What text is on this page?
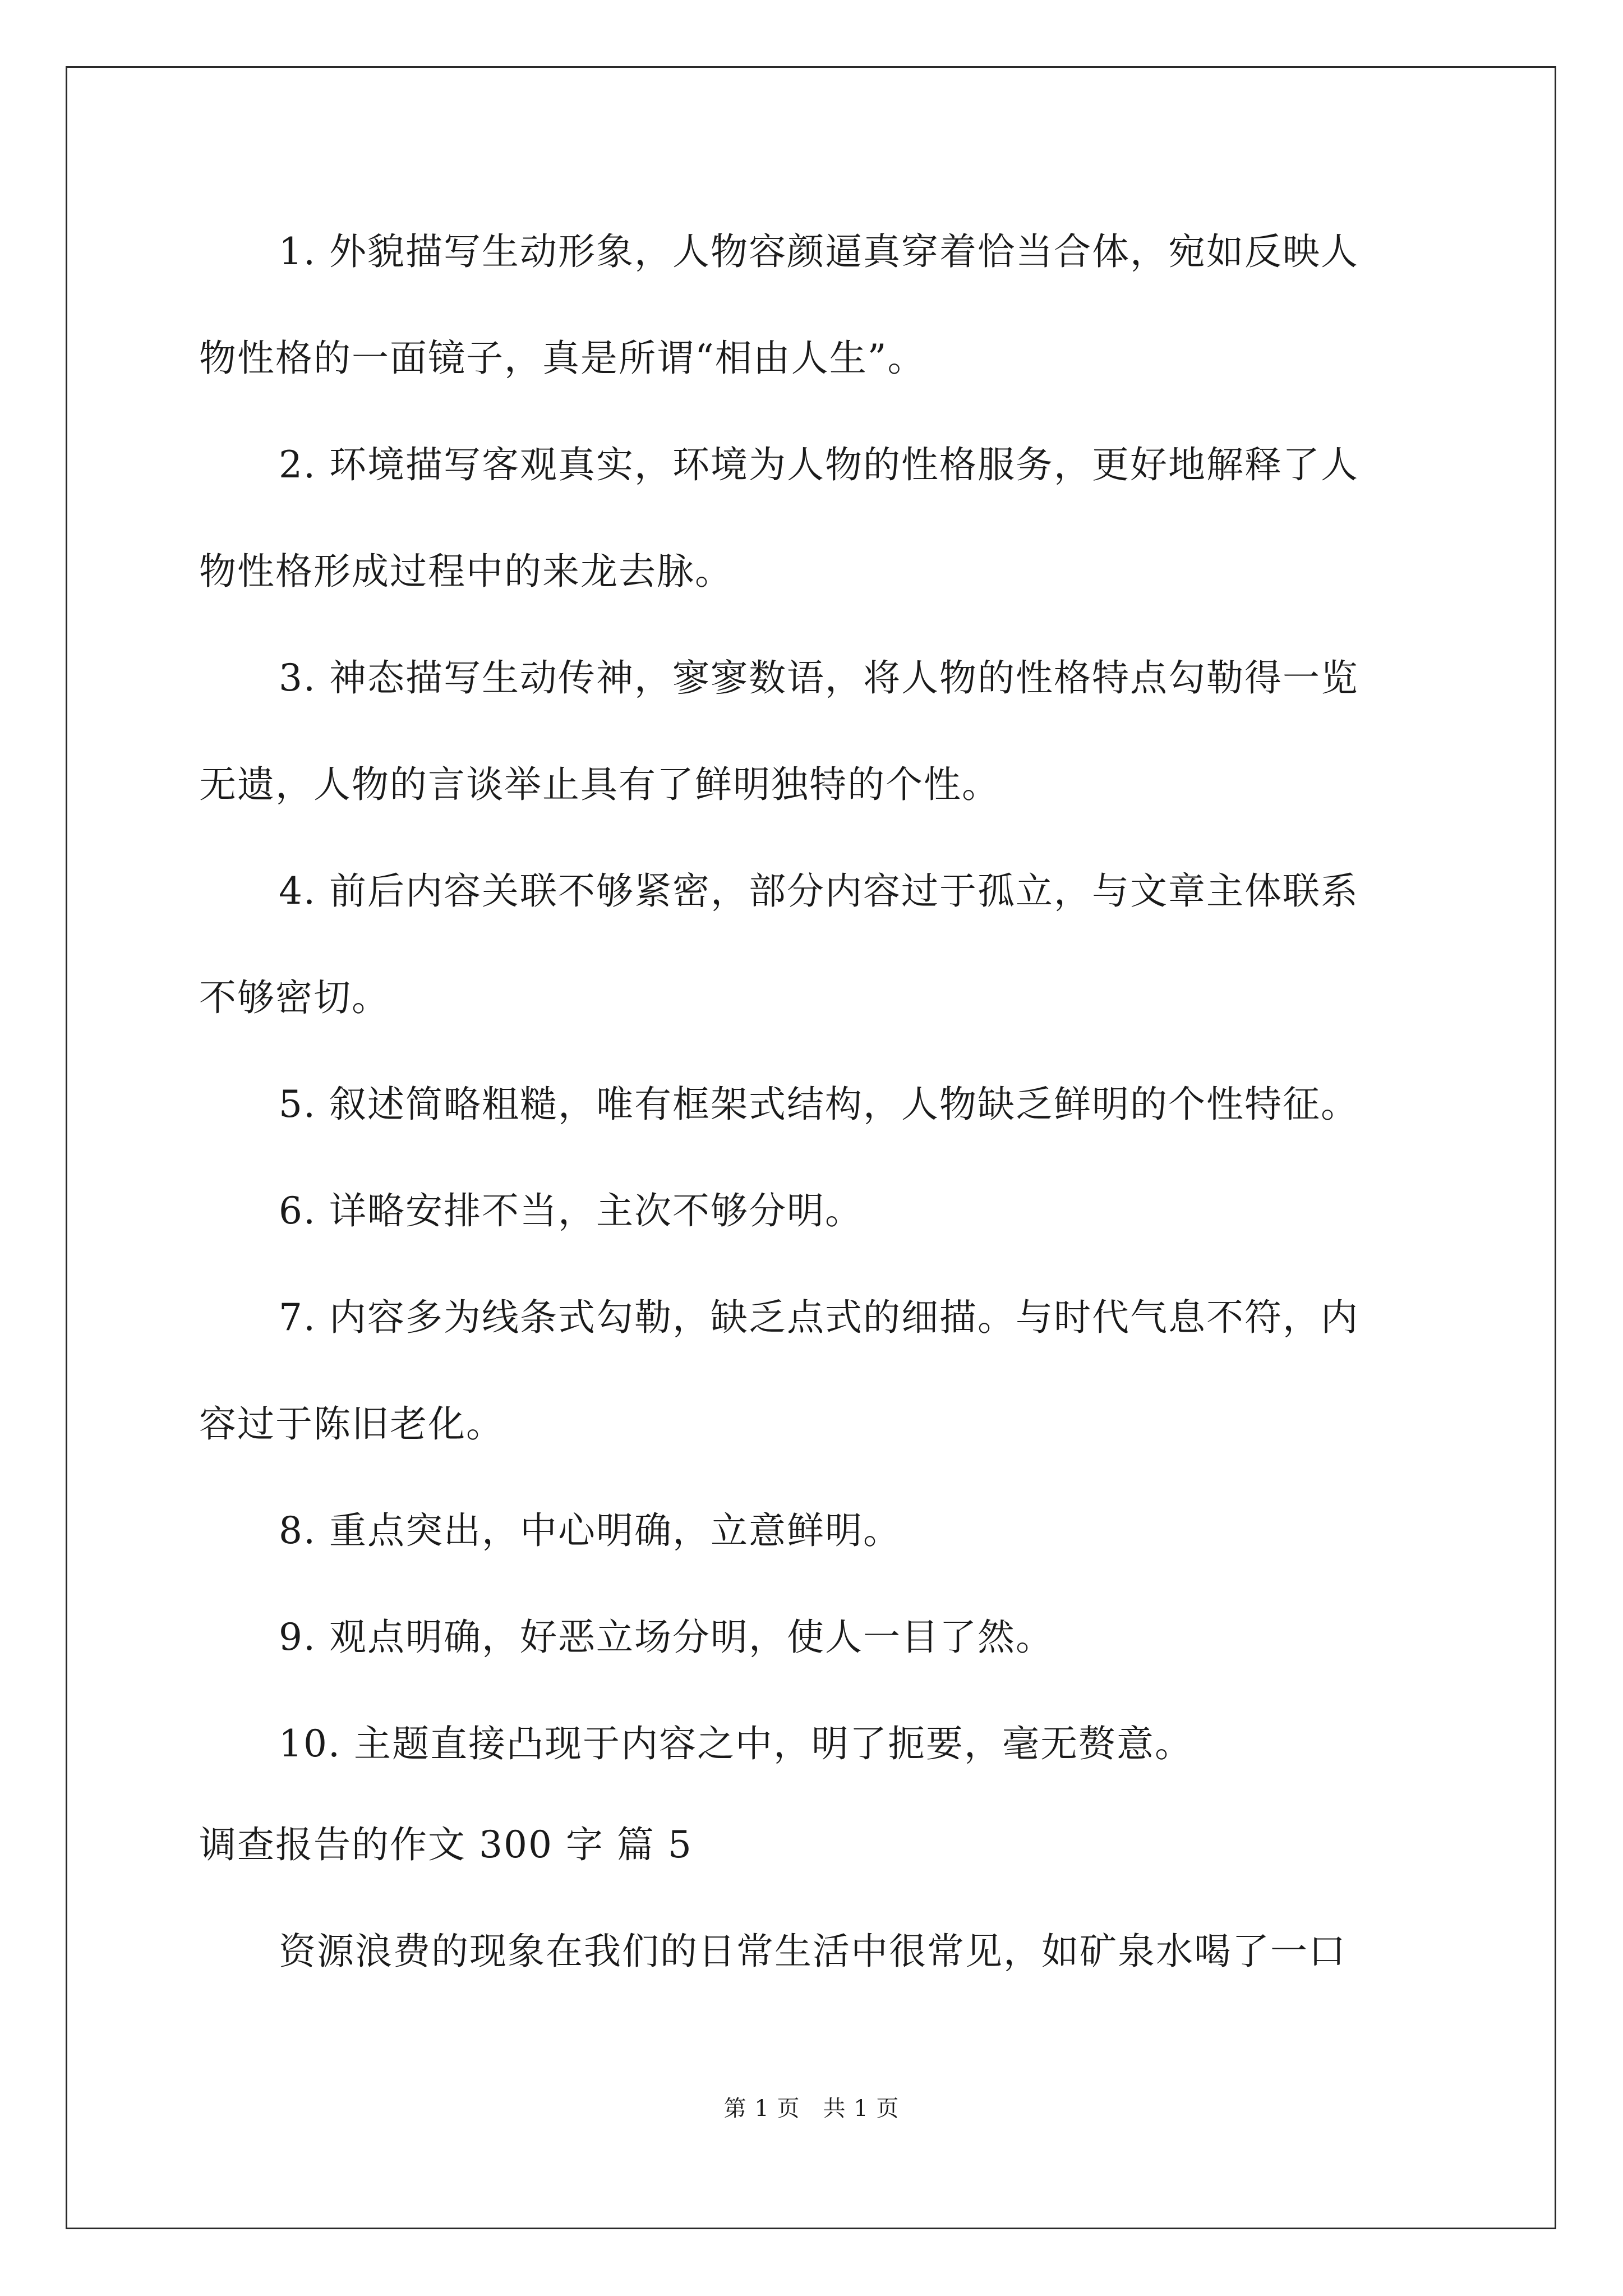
1. 外貌描写生动形象，人物容颜逼真穿着恰当合体，宛如反映人
物性格的一面镜子，真是所谓“相由人生”。
2. 环境描写客观真实，环境为人物的性格服务，更好地解释了人
物性格形成过程中的来龙去脉。
3. 神态描写生动传神，寥寥数语，将人物的性格特点勾勒得一览
无遗，人物的言谈举止具有了鲜明独特的个性。
4. 前后内容关联不够紧密，部分内容过于孤立，与文章主体联系
不够密切。
5. 叙述简略粗糙，唯有框架式结构，人物缺乏鲜明的个性特征。
6. 详略安排不当，主次不够分明。
7. 内容多为线条式勾勒，缺乏点式的细描。与时代气息不符，内
容过于陈旧老化。
8. 重点突出，中心明确，立意鲜明。
9. 观点明确，好恶立场分明，使人一目了然。
10. 主题直接凸现于内容之中，明了扼要，毫无赘意。
调查报告的作文 300 字 篇 5
资源浪费的现象在我们的日常生活中很常见，如矿泉水喝了一口
第 1 页　共 1 页
